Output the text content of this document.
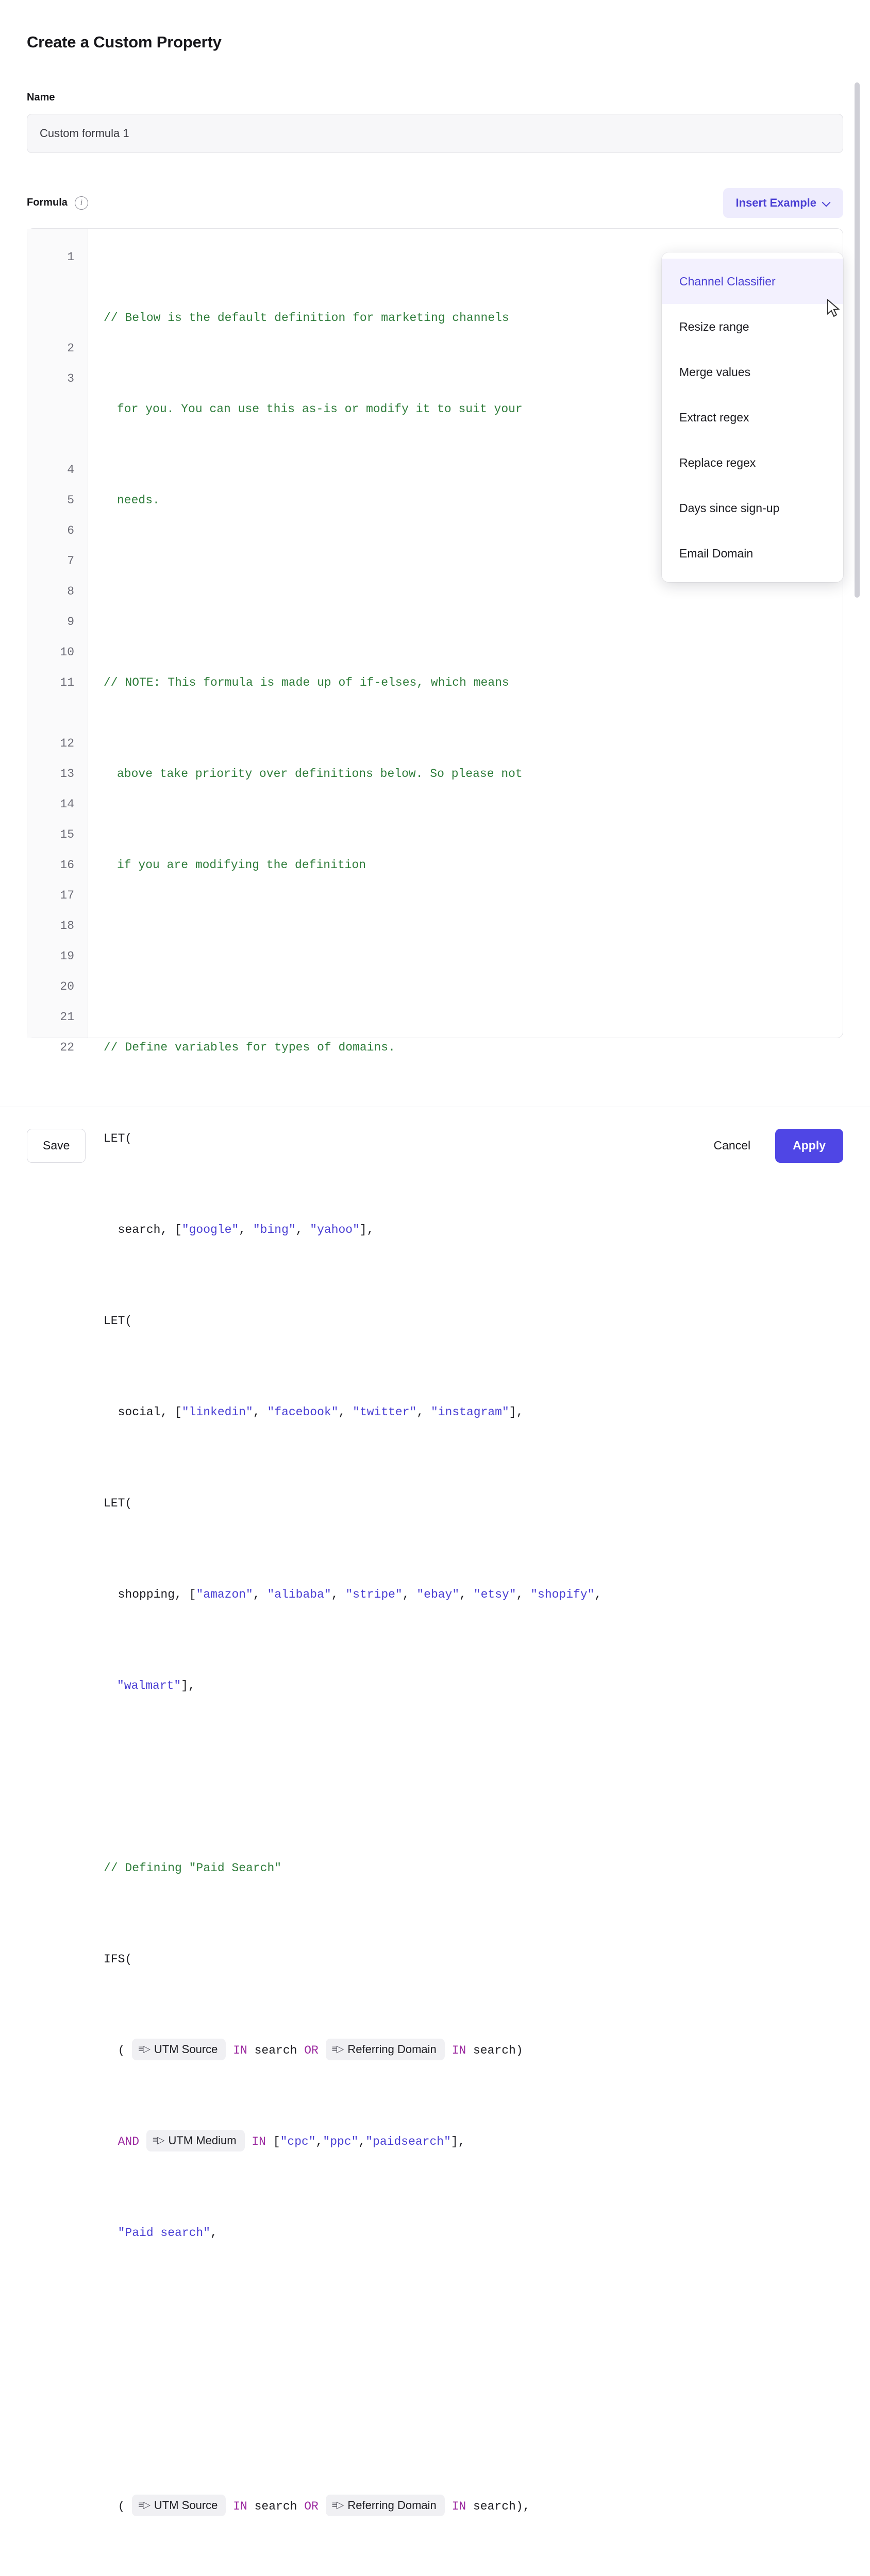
Create a Custom Property
Name
Custom formula 1
Formula	i	Insert Example
1
2
3
4
5
6
7
8
9
10
11
12
13
14
15
16
17
18
19
20
21
22

// Below is the default definition for marketing channels

for you. You can use this as-is or modify it to suit your

needs.

// NOTE: This formula is made up of if-elses, which means

above take priority over definitions below. So please not

if you are modifying the definition

// Define variables for types of domains.

LET(

search, ["google", "bing", "yahoo"],

LET(

social, ["linkedin", "facebook", "twitter", "instagram"],

LET(

shopping, ["amazon", "alibaba", "stripe", "ebay", "etsy", "shopify",

"walmart"],

// Defining "Paid Search"

IFS(

( ≡▷ UTM Source IN search OR ≡▷ Referring Domain IN search)

AND ≡▷ UTM Medium IN ["cpc","ppc","paidsearch"],

"Paid search",

( ≡▷ UTM Source IN search OR ≡▷ Referring Domain IN search),

Channel Classifier
Resize range
Merge values
Extract regex
Replace regex
Days since sign-up
Email Domain
Save	Cancel	Apply
